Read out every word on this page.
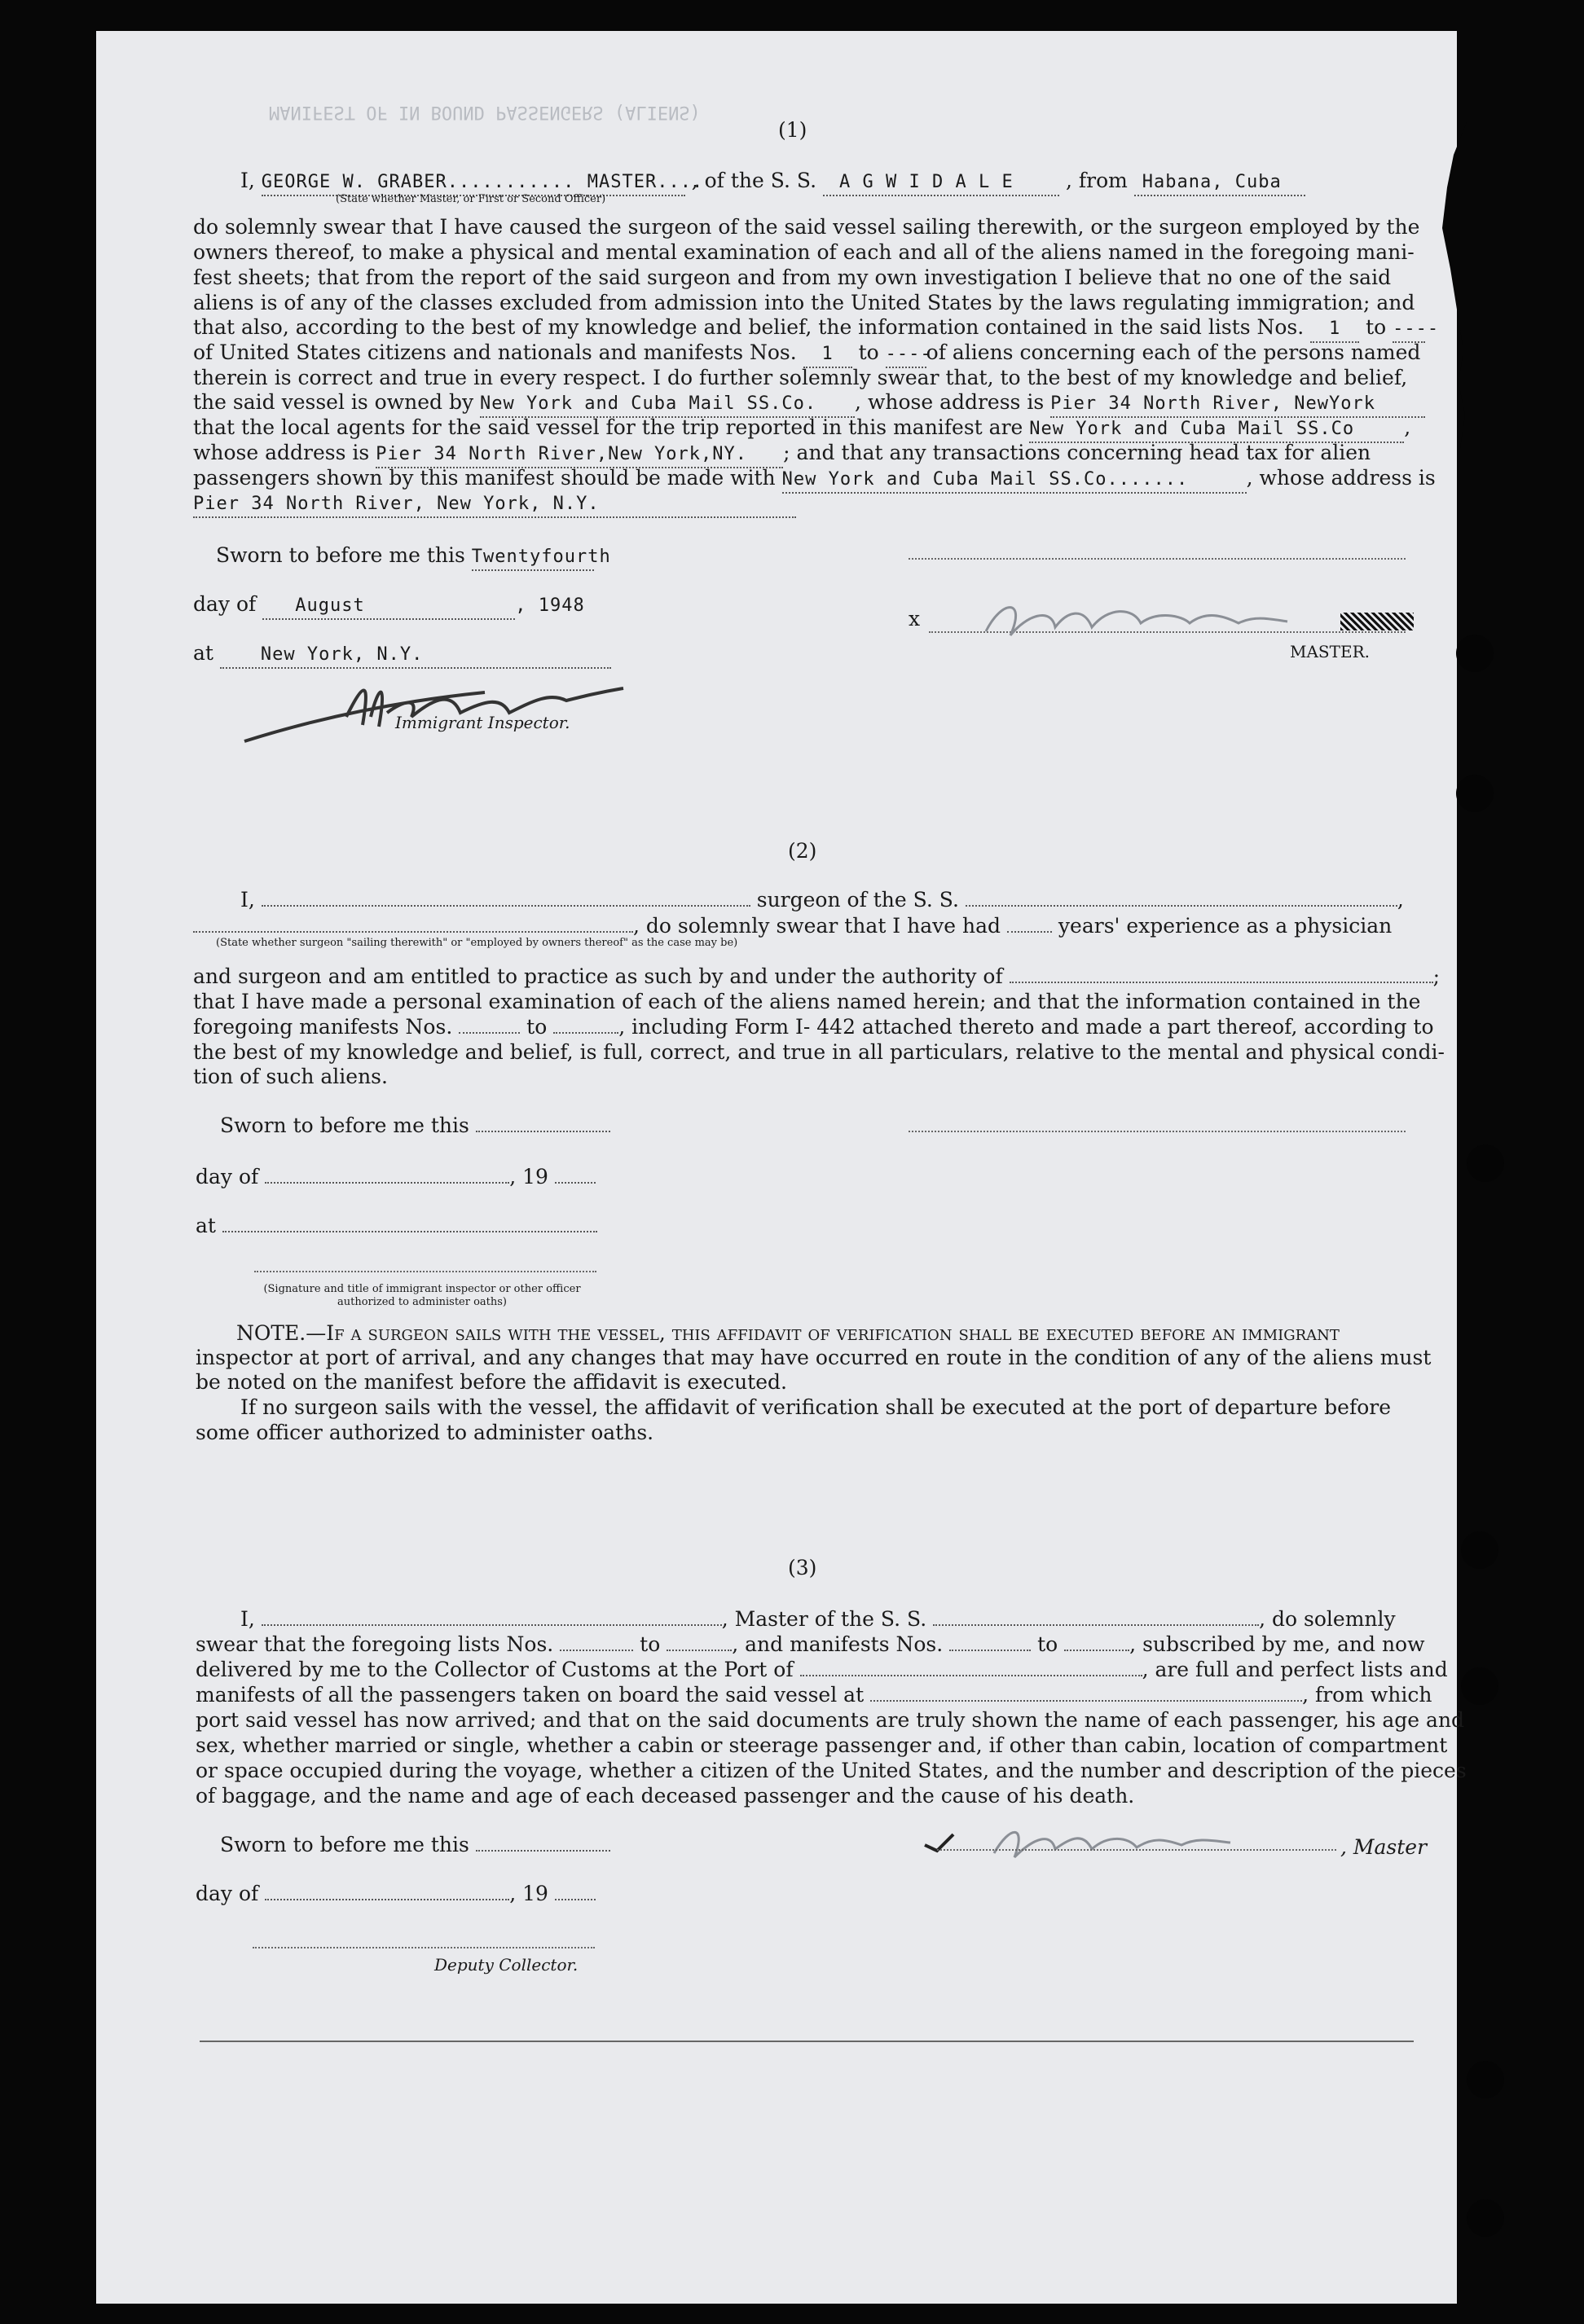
MANIFEST OF IN BOUND PASSENGERS (ALIENS)
(1)
I, GEORGE W. GRABER........... MASTER.... , of the S. S. A G W I D A L E	, from Habana, Cuba
(State whether Master, or First or Second Officer)
do solemnly swear that I have caused the surgeon of the said vessel sailing therewith, or the surgeon employed by the
owners thereof, to make a physical and mental examination of each and all of the aliens named in the foregoing mani-
fest sheets; that from the report of the said surgeon and from my own investigation I believe that no one of the said
aliens is of any of the classes excluded from admission into the United States by the laws regulating immigration; and
that also, according to the best of my knowledge and belief, the information contained in the said lists Nos. 1 to ----
of United States citizens and nationals and manifests Nos. 1 to ----of aliens concerning each of the persons named
therein is correct and true in every respect. I do further solemnly swear that, to the best of my knowledge and belief,
the said vessel is owned by New York and Cuba Mail SS.Co. , whose address is Pier 34 North River, NewYork
that the local agents for the said vessel for the trip reported in this manifest are New York and Cuba Mail SS.Co ,
whose address is Pier 34 North River,New York,NY. ; and that any transactions concerning head tax for alien
passengers shown by this manifest should be made with New York and Cuba Mail SS.Co.......	, whose address is
Pier 34 North River, New York, N.Y.
Sworn to before me this Twentyfourth
day of August	, 1948
x
MASTER.
at	New York, N.Y.
Immigrant Inspector.
(2)
I,	surgeon of the S. S.	,
, do solemnly swear that I have had	years' experience as a physician
(State whether surgeon "sailing therewith" or "employed by owners thereof" as the case may be)
and surgeon and am entitled to practice as such by and under the authority of	;
that I have made a personal examination of each of the aliens named herein; and that the information contained in the
foregoing manifests Nos.	to	, including Form I- 442 attached thereto and made a part thereof, according to
the best of my knowledge and belief, is full, correct, and true in all particulars, relative to the mental and physical condi-
tion of such aliens.
Sworn to before me this
day of	, 19
at
(Signature and title of immigrant inspector or other officer authorized to administer oaths)
NOTE.—If a surgeon sails with the vessel, this affidavit of verification shall be executed before an immigrant
inspector at port of arrival, and any changes that may have occurred en route in the condition of any of the aliens must
be noted on the manifest before the affidavit is executed.
If no surgeon sails with the vessel, the affidavit of verification shall be executed at the port of departure before
some officer authorized to administer oaths.
(3)
I,	, Master of the S. S.	, do solemnly
swear that the foregoing lists Nos.	to	, and manifests Nos.	to	, subscribed by me, and now
delivered by me to the Collector of Customs at the Port of	, are full and perfect lists and
manifests of all the passengers taken on board the said vessel at	, from which
port said vessel has now arrived; and that on the said documents are truly shown the name of each passenger, his age and
sex, whether married or single, whether a cabin or steerage passenger and, if other than cabin, location of compartment
or space occupied during the voyage, whether a citizen of the United States, and the number and description of the pieces
of baggage, and the name and age of each deceased passenger and the cause of his death.
Sworn to before me this	, Master
day of	, 19
Deputy Collector.
